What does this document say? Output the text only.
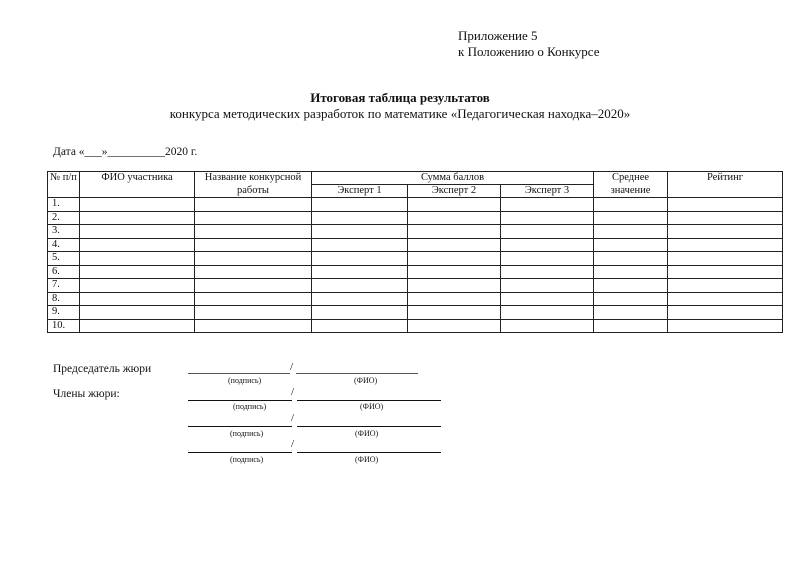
Приложение 5
к Положению о Конкурсе
Итоговая таблица результатов
конкурса методических разработок по математике «Педагогическая находка–2020»
Дата «___»__________2020 г.
№ п/п	ФИО участника	Название конкурсной работы	Сумма баллов			Среднее значение	Рейтинг
			Эксперт 1	Эксперт 2	Эксперт 3		
1.							
2.							
3.							
4.							
5.							
6.							
7.							
8.							
9.							
10.							
Председатель жюри	/
(подпись)	(ФИО)
Члены жюри:	/
(подпись)	(ФИО)
/
(подпись)	(ФИО)
/
(подпись)	(ФИО)
